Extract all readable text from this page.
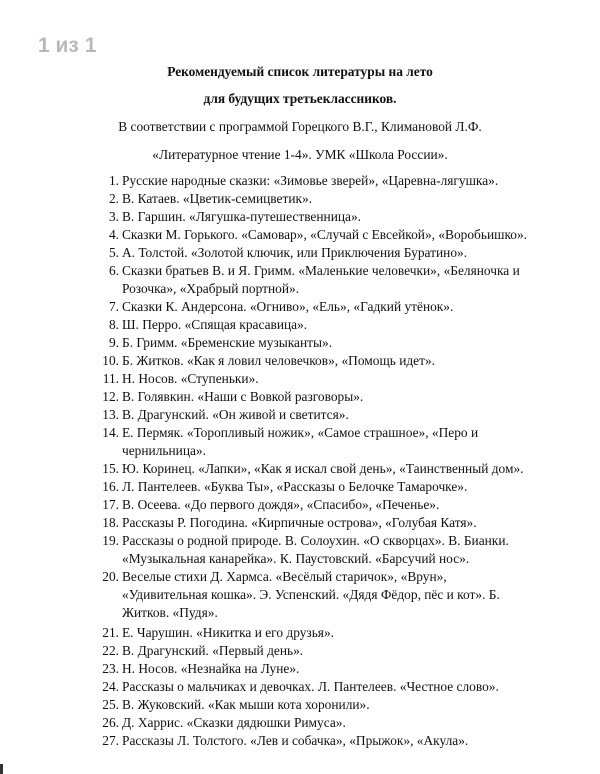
1 из 1
Рекомендуемый список литературы на лето
для будущих третьеклассников.
В соответствии с программой Горецкого В.Г., Климановой Л.Ф.
«Литературное чтение 1-4». УМК «Школа России».
1. Русские народные сказки: «Зимовье зверей», «Царевна-лягушка».
2. В. Катаев. «Цветик-семицветик».
3. В. Гаршин. «Лягушка-путешественница».
4. Сказки М. Горького. «Самовар», «Случай с Евсейкой», «Воробьишко».
5. А. Толстой. «Золотой ключик, или Приключения Буратино».
6. Сказки братьев В. и Я. Гримм. «Маленькие человечки», «Беляночка и
Розочка», «Храбрый портной».
7. Сказки К. Андерсона. «Огниво», «Ель», «Гадкий утёнок».
8. Ш. Перро. «Спящая красавица».
9. Б. Гримм. «Бременские музыканты».
10. Б. Житков. «Как я ловил человечков», «Помощь идет».
11. Н. Носов. «Ступеньки».
12. В. Голявкин. «Наши с Вовкой разговоры».
13. В. Драгунский. «Он живой и светится».
14. Е. Пермяк. «Торопливый ножик», «Самое страшное», «Перо и
чернильница».
15. Ю. Коринец. «Лапки», «Как я искал свой день», «Таинственный дом».
16. Л. Пантелеев. «Буква Ты», «Рассказы о Белочке Тамарочке».
17. В. Осеева. «До первого дождя», «Спасибо», «Печенье».
18. Рассказы Р. Погодина. «Кирпичные острова», «Голубая Катя».
19. Рассказы о родной природе. В. Солоухин. «О скворцах». В. Бианки.
«Музыкальная канарейка». К. Паустовский. «Барсучий нос».
20. Веселые стихи Д. Хармса. «Весёлый старичок», «Врун»,
«Удивительная кошка». Э. Успенский. «Дядя Фёдор, пёс и кот». Б.
Житков. «Пудя».
21. Е. Чарушин. «Никитка и его друзья».
22. В. Драгунский. «Первый день».
23. Н. Носов. «Незнайка на Луне».
24. Рассказы о мальчиках и девочках. Л. Пантелеев. «Честное слово».
25. В. Жуковский. «Как мыши кота хоронили».
26. Д. Харрис. «Сказки дядюшки Римуса».
27. Рассказы Л. Толстого. «Лев и собачка», «Прыжок», «Акула».
